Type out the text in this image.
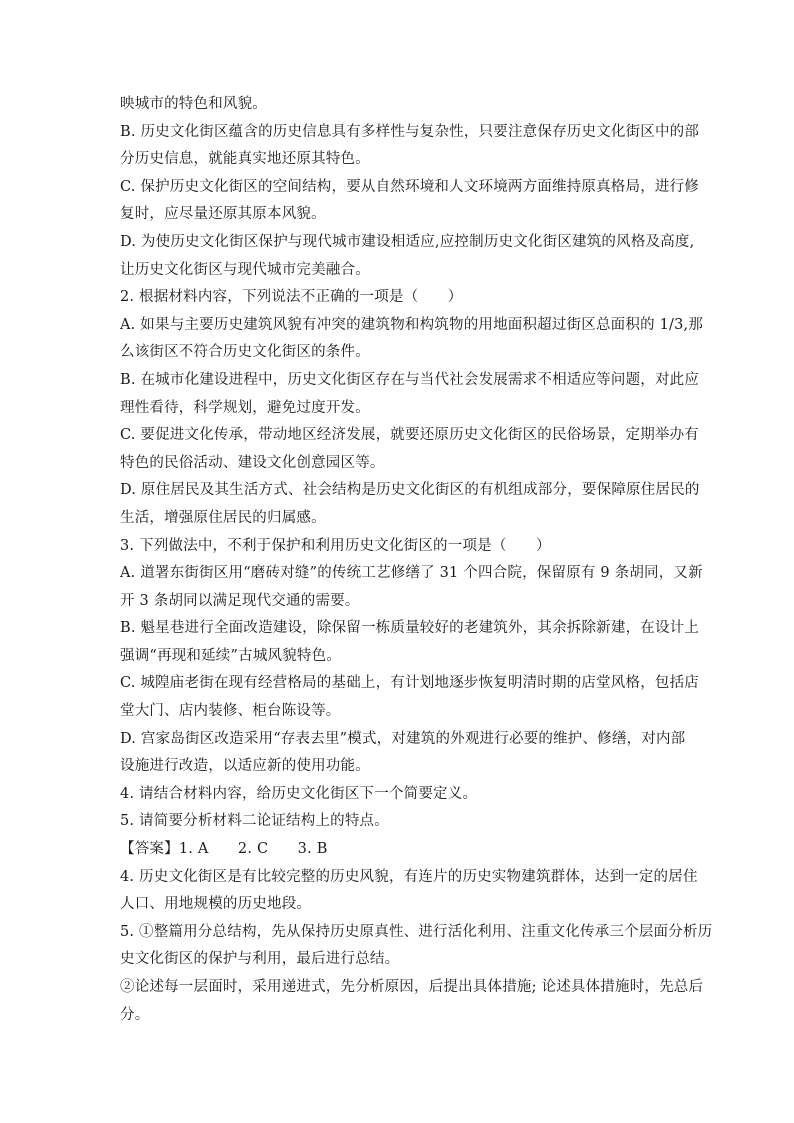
映城市的特色和风貌。
B. 历史文化街区蕴含的历史信息具有多样性与复杂性，只要注意保存历史文化街区中的部
分历史信息，就能真实地还原其特色。
C. 保护历史文化街区的空间结构，要从自然环境和人文环境两方面维持原真格局，进行修
复时，应尽量还原其原本风貌。
D. 为使历史文化街区保护与现代城市建设相适应,应控制历史文化街区建筑的风格及高度,
让历史文化街区与现代城市完美融合。
2. 根据材料内容，下列说法不正确的一项是（　　）
A. 如果与主要历史建筑风貌有冲突的建筑物和构筑物的用地面积超过街区总面积的 1/3,那
么该街区不符合历史文化街区的条件。
B. 在城市化建设进程中，历史文化街区存在与当代社会发展需求不相适应等问题，对此应
理性看待，科学规划，避免过度开发。
C. 要促进文化传承，带动地区经济发展，就要还原历史文化街区的民俗场景，定期举办有
特色的民俗活动、建设文化创意园区等。
D. 原住居民及其生活方式、社会结构是历史文化街区的有机组成部分，要保障原住居民的
生活，增强原住居民的归属感。
3. 下列做法中，不利于保护和利用历史文化街区的一项是（　　）
A. 道署东街街区用“磨砖对缝”的传统工艺修缮了 31 个四合院，保留原有 9 条胡同，又新
开 3 条胡同以满足现代交通的需要。
B. 魁星巷进行全面改造建设，除保留一栋质量较好的老建筑外，其余拆除新建，在设计上
强调“再现和延续”古城风貌特色。
C. 城隍庙老街在现有经营格局的基础上，有计划地逐步恢复明清时期的店堂风格，包括店
堂大门、店内装修、柜台陈设等。
D. 宫家岛街区改造采用“存表去里”模式，对建筑的外观进行必要的维护、修缮，对内部
设施进行改造，以适应新的使用功能。
4. 请结合材料内容，给历史文化街区下一个简要定义。
5. 请简要分析材料二论证结构上的特点。
【答案】1. A　　2. C　　3. B
4. 历史文化街区是有比较完整的历史风貌，有连片的历史实物建筑群体，达到一定的居住
人口、用地规模的历史地段。
5. ①整篇用分总结构，先从保持历史原真性、进行活化利用、注重文化传承三个层面分析历
史文化街区的保护与利用，最后进行总结。
②论述每一层面时，采用递进式，先分析原因，后提出具体措施; 论述具体措施时，先总后
分。
